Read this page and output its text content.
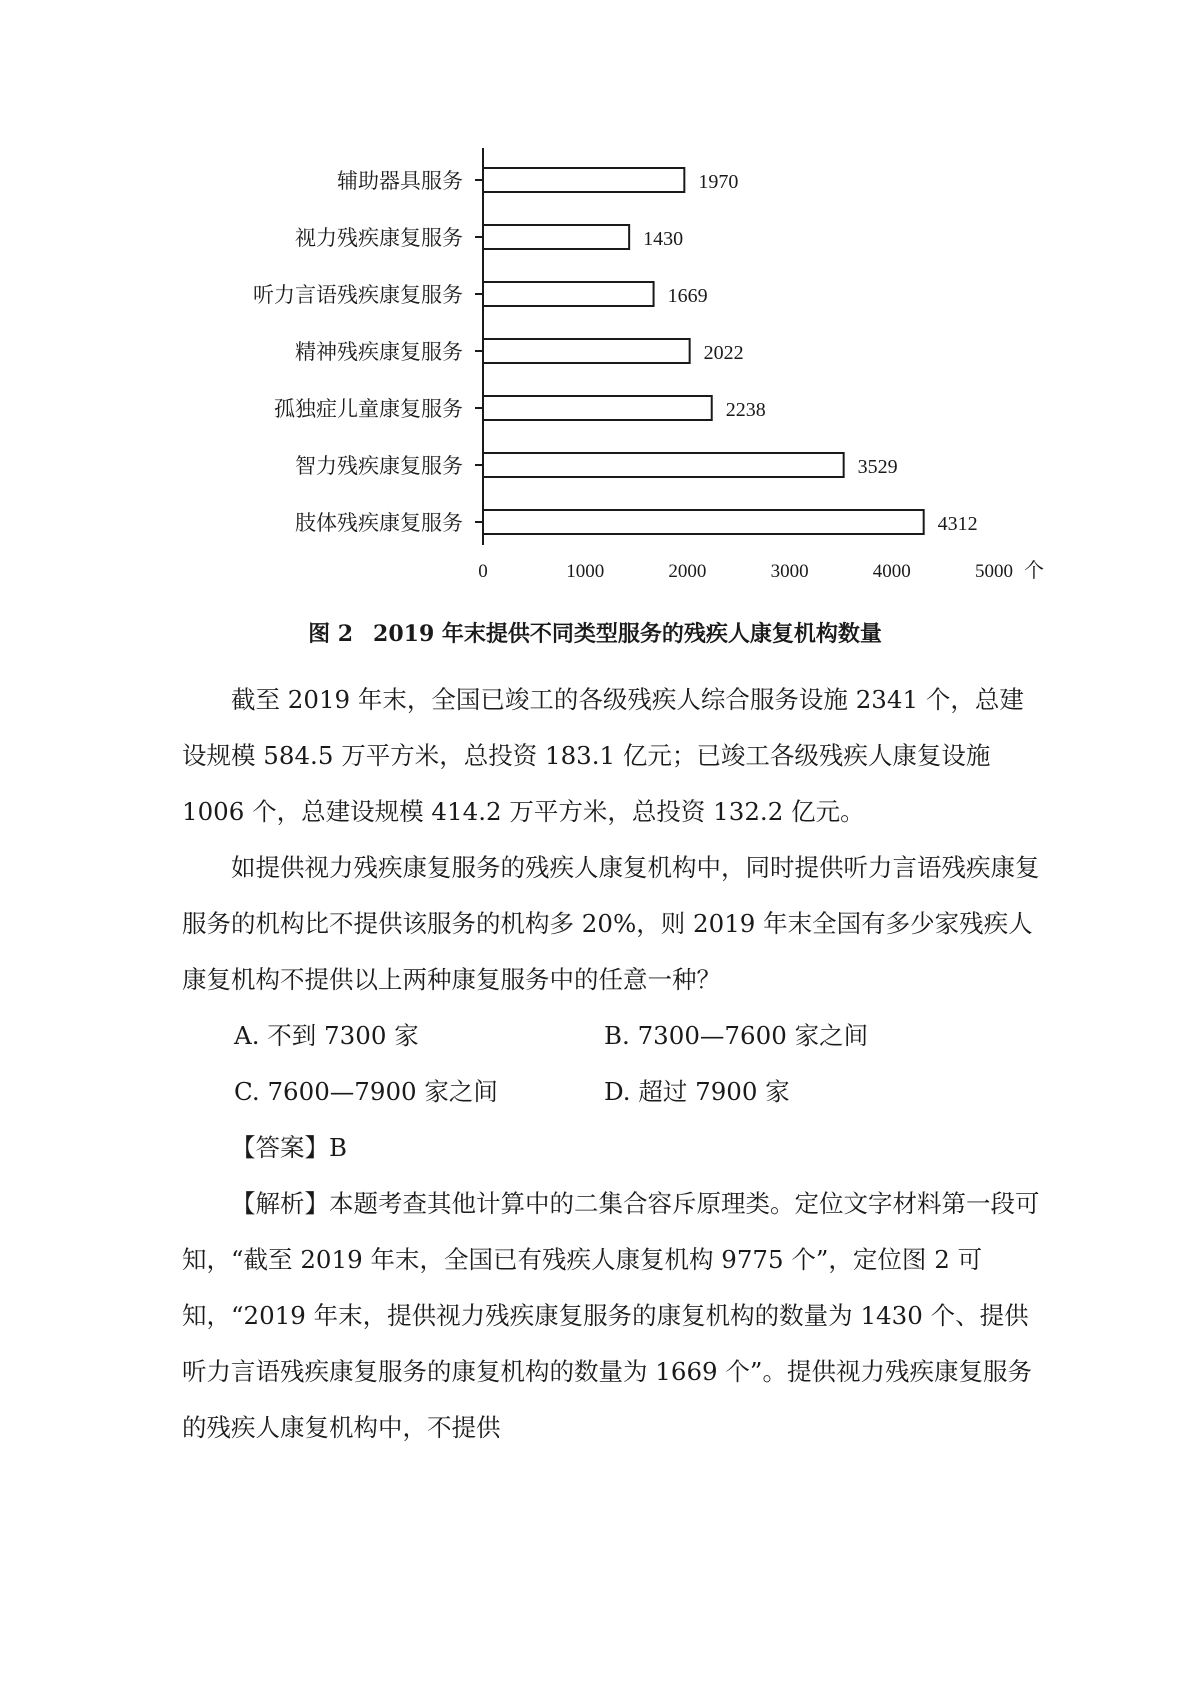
辅助器具服务	1970
视力残疾康复服务	1430
听力言语残疾康复服务	1669
精神残疾康复服务	2022
孤独症儿童康复服务	2238
智力残疾康复服务	3529
肢体残疾康复服务	4312
0	1000	2000	3000	4000	5000 个
图 2 2019 年末提供不同类型服务的残疾人康复机构数量

截至 2019 年末，全国已竣工的各级残疾人综合服务设施 2341 个，总建设规模 584.5 万平方米，总投资 183.1 亿元；已竣工各级残疾人康复设施 1006 个，总建设规模 414.2 万平方米，总投资 132.2 亿元。

如提供视力残疾康复服务的残疾人康复机构中，同时提供听力言语残疾康复服务的机构比不提供该服务的机构多 20%，则 2019 年末全国有多少家残疾人康复机构不提供以上两种康复服务中的任意一种？

A. 不到 7300 家	B. 7300—7600 家之间
C. 7600—7900 家之间	D. 超过 7900 家

【答案】B

【解析】本题考查其他计算中的二集合容斥原理类。定位文字材料第一段可知，“截至 2019 年末，全国已有残疾人康复机构 9775 个”，定位图 2 可知，“2019 年末，提供视力残疾康复服务的康复机构的数量为 1430 个、提供听力言语残疾康复服务的康复机构的数量为 1669 个”。提供视力残疾康复服务的残疾人康复机构中，不提供
